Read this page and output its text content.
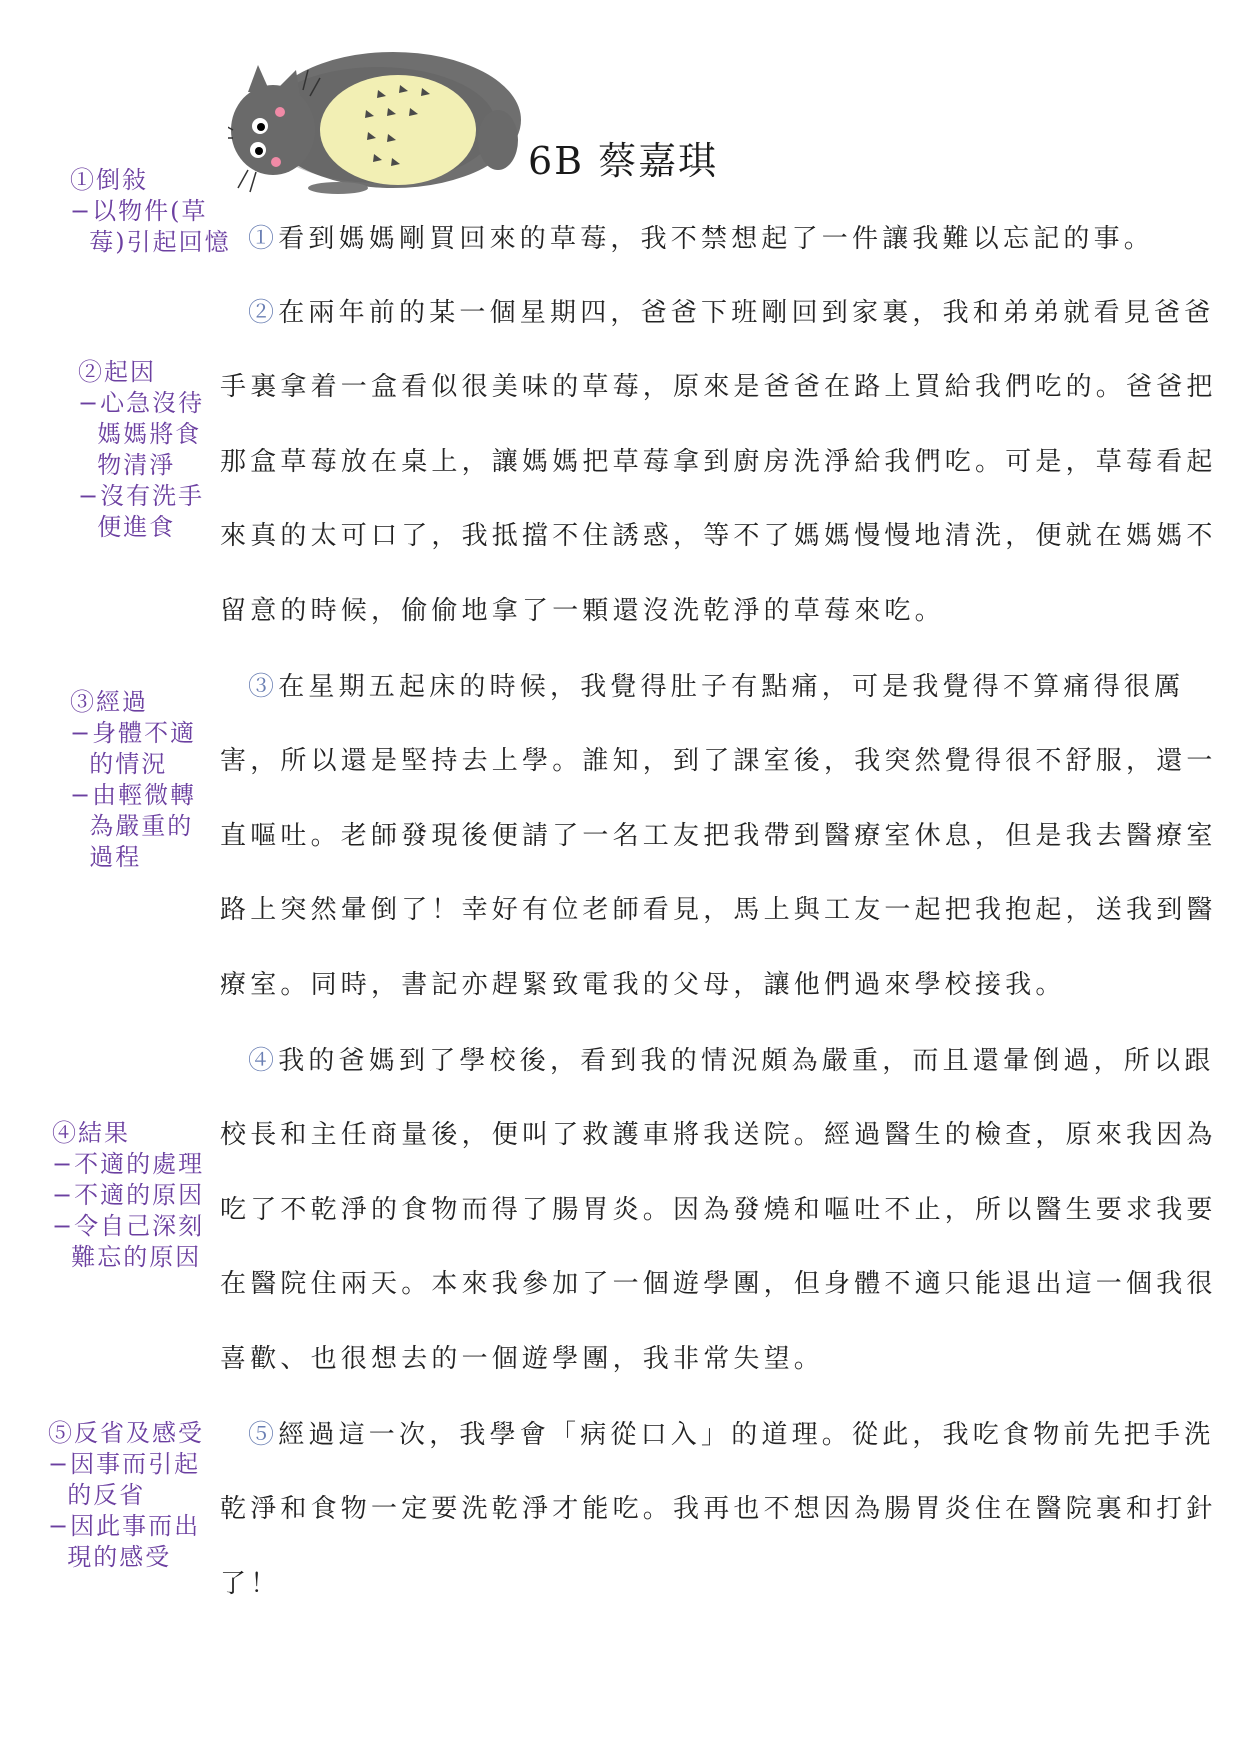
6B 蔡嘉琪
①倒敍
−以物件(草
莓)引起回憶
②起因
−心急沒待
媽媽將食
物清淨
−沒有洗手
便進食
③經過
−身體不適
的情況
−由輕微轉
為嚴重的
過程
④結果
−不適的處理
−不適的原因
−令自己深刻
難忘的原因
⑤反省及感受
−因事而引起
的反省
−因此事而出
現的感受
①看到媽媽剛買回來的草莓，我不禁想起了一件讓我難以忘記的事。
②在兩年前的某一個星期四，爸爸下班剛回到家裏，我和弟弟就看見爸爸
手裏拿着一盒看似很美味的草莓，原來是爸爸在路上買給我們吃的。爸爸把
那盒草莓放在桌上，讓媽媽把草莓拿到廚房洗淨給我們吃。可是，草莓看起
來真的太可口了，我抵擋不住誘惑，等不了媽媽慢慢地清洗，便就在媽媽不
留意的時候，偷偷地拿了一顆還沒洗乾淨的草莓來吃。
③在星期五起床的時候，我覺得肚子有點痛，可是我覺得不算痛得很厲
害，所以還是堅持去上學。誰知，到了課室後，我突然覺得很不舒服，還一
直嘔吐。老師發現後便請了一名工友把我帶到醫療室休息，但是我去醫療室
路上突然暈倒了！幸好有位老師看見，馬上與工友一起把我抱起，送我到醫
療室。同時，書記亦趕緊致電我的父母，讓他們過來學校接我。
④我的爸媽到了學校後，看到我的情況頗為嚴重，而且還暈倒過，所以跟
校長和主任商量後，便叫了救護車將我送院。經過醫生的檢查，原來我因為
吃了不乾淨的食物而得了腸胃炎。因為發燒和嘔吐不止，所以醫生要求我要
在醫院住兩天。本來我參加了一個遊學團，但身體不適只能退出這一個我很
喜歡、也很想去的一個遊學團，我非常失望。
⑤經過這一次，我學會「病從口入」的道理。從此，我吃食物前先把手洗
乾淨和食物一定要洗乾淨才能吃。我再也不想因為腸胃炎住在醫院裏和打針
了！
